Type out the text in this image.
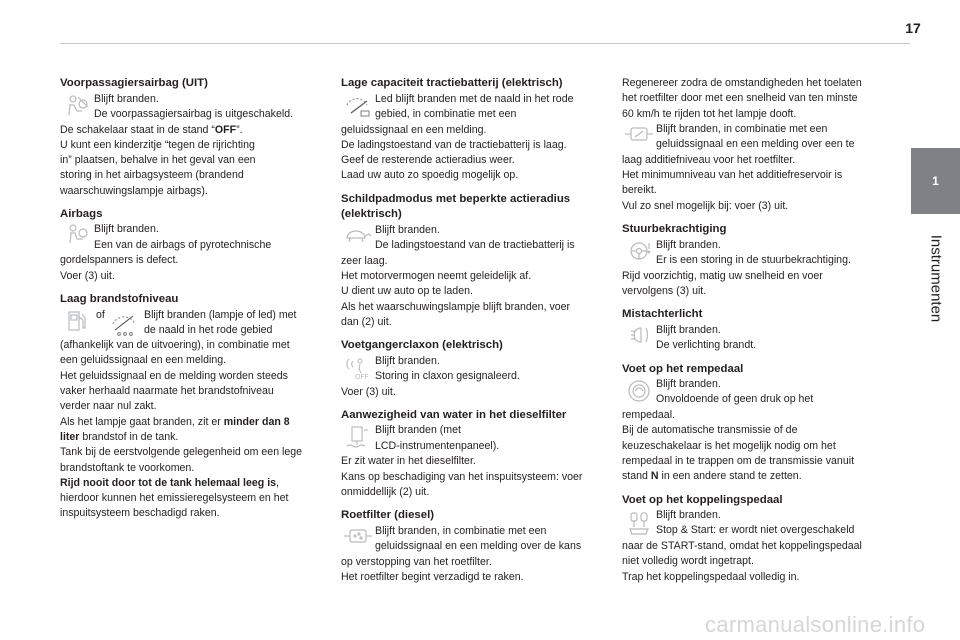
17
1
Instrumenten
Voorpassagiersairbag (UIT)
Blijft branden.
De voorpassagiersairbag is uitgeschakeld.
De schakelaar staat in de stand “OFF”.
U kunt een kinderzitje “tegen de rijrichting
in” plaatsen, behalve in het geval van een
storing in het airbagsysteem (brandend
waarschuwingslampje airbags).
Airbags
Blijft branden.
Een van de airbags of pyrotechnische
gordelspanners is defect.
Voer (3) uit.
Laag brandstofniveau
of	Blijft branden (lampje of led) met
de naald in het rode gebied
(afhankelijk van de uitvoering), in combinatie met
een geluidssignaal en een melding.
Het geluidssignaal en de melding worden steeds
vaker herhaald naarmate het brandstofniveau
verder naar nul zakt.
Als het lampje gaat branden, zit er minder dan 8
liter brandstof in de tank.
Tank bij de eerstvolgende gelegenheid om een lege
brandstoftank te voorkomen.
Rijd nooit door tot de tank helemaal leeg is,
hierdoor kunnen het emissieregelsysteem en het
inspuitsysteem beschadigd raken.
Lage capaciteit tractiebatterij (elektrisch)
Led blijft branden met de naald in het rode
gebied, in combinatie met een
geluidssignaal en een melding.
De ladingstoestand van de tractiebatterij is laag.
Geef de resterende actieradius weer.
Laad uw auto zo spoedig mogelijk op.
Schildpadmodus met beperkte actieradius
(elektrisch)
Blijft branden.
De ladingstoestand van de tractiebatterij is
zeer laag.
Het motorvermogen neemt geleidelijk af.
U dient uw auto op te laden.
Als het waarschuwingslampje blijft branden, voer
dan (2) uit.
Voetgangerclaxon (elektrisch)
OFF
Blijft branden.
Storing in claxon gesignaleerd.
Voer (3) uit.
Aanwezigheid van water in het dieselfilter
Blijft branden (met
LCD-instrumentenpaneel).
Er zit water in het dieselfilter.
Kans op beschadiging van het inspuitsysteem: voer
onmiddellijk (2) uit.
Roetfilter (diesel)
Blijft branden, in combinatie met een
geluidssignaal en een melding over de kans
op verstopping van het roetfilter.
Het roetfilter begint verzadigd te raken.
Regenereer zodra de omstandigheden het toelaten
het roetfilter door met een snelheid van ten minste
60 km/h te rijden tot het lampje dooft.
Blijft branden, in combinatie met een
geluidssignaal en een melding over een te
laag additiefniveau voor het roetfilter.
Het minimumniveau van het additiefreservoir is
bereikt.
Vul zo snel mogelijk bij: voer (3) uit.
Stuurbekrachtiging
Blijft branden.
Er is een storing in de stuurbekrachtiging.
Rijd voorzichtig, matig uw snelheid en voer
vervolgens (3) uit.
Mistachterlicht
Blijft branden.
De verlichting brandt.
Voet op het rempedaal
Blijft branden.
Onvoldoende of geen druk op het
rempedaal.
Bij de automatische transmissie of de
keuzeschakelaar is het mogelijk nodig om het
rempedaal in te trappen om de transmissie vanuit
stand N in een andere stand te zetten.
Voet op het koppelingspedaal
Blijft branden.
Stop & Start: er wordt niet overgeschakeld
naar de START-stand, omdat het koppelingspedaal
niet volledig wordt ingetrapt.
Trap het koppelingspedaal volledig in.
carmanualsonline.info
